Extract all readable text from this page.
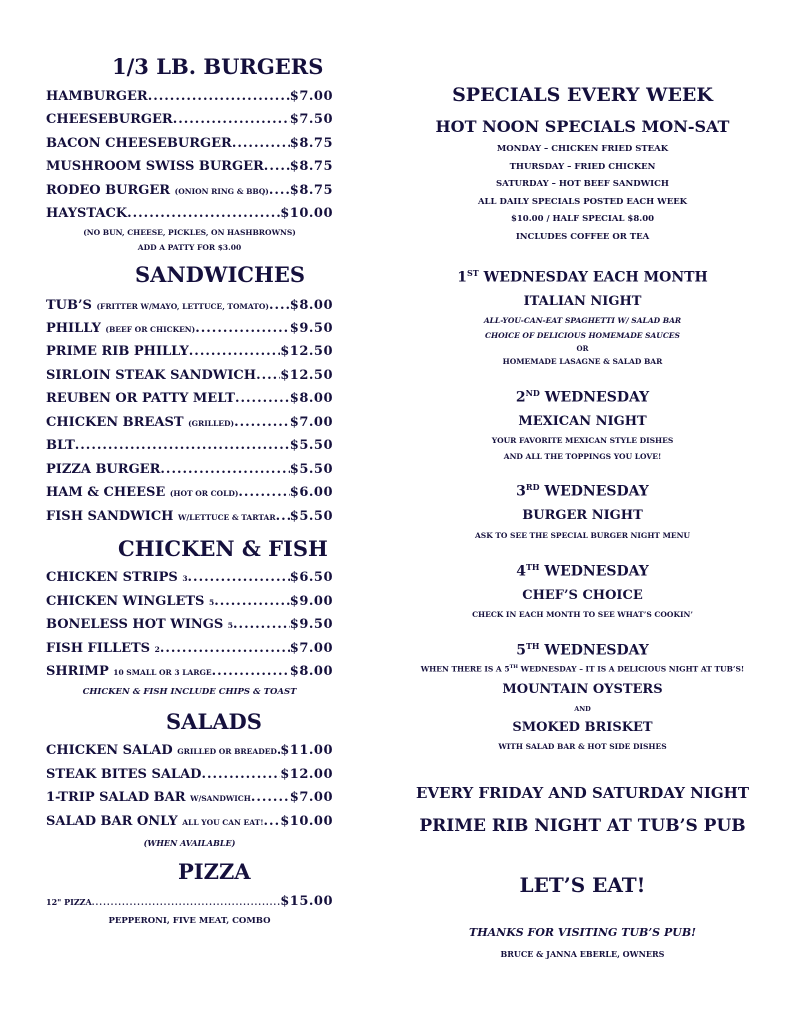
1/3 LB. BURGERS
HAMBURGER .....	$7.00
CHEESEBURGER .....	$7.50
BACON CHEESEBURGER .....	$8.75
MUSHROOM SWISS BURGER ..... $8.75
RODEO BURGER (ONION RING & BBQ) ..... $8.75
HAYSTACK .....	$10.00
(NO BUN, CHEESE, PICKLES, ON HASHBROWNS)
ADD A PATTY FOR $3.00
SANDWICHES
TUB’S (FRITTER W/MAYO, LETTUCE, TOMATO) ..... $8.00
PHILLY (BEEF OR CHICKEN) .....	$9.50
PRIME RIB PHILLY .....	$12.50
SIRLOIN STEAK SANDWICH ..... $12.50
REUBEN OR PATTY MELT .....	$8.00
CHICKEN BREAST (GRILLED) .....	$7.00
BLT .....	$5.50
PIZZA BURGER .....	$5.50
HAM & CHEESE (HOT OR COLD) .....	$6.00
FISH SANDWICH W/LETTUCE & TARTAR ..... $5.50
CHICKEN & FISH
CHICKEN STRIPS 3 .....	$6.50
CHICKEN WINGLETS 5 .....	$9.00
BONELESS HOT WINGS 5 .....	$9.50
FISH FILLETS 2 .....	$7.00
SHRIMP 10 SMALL OR 3 LARGE .....	$8.00
CHICKEN & FISH INCLUDE CHIPS & TOAST
SALADS
CHICKEN SALAD GRILLED OR BREADED ..... $11.00
STEAK BITES SALAD .....	$12.00
1-TRIP SALAD BAR W/SANDWICH .....	$7.00
SALAD BAR ONLY ALL YOU CAN EAT! ..... $10.00
(WHEN AVAILABLE)
PIZZA
12" PIZZA .....	$15.00
PEPPERONI, FIVE MEAT, COMBO
SPECIALS EVERY WEEK
HOT NOON SPECIALS MON-SAT
MONDAY – CHICKEN FRIED STEAK
THURSDAY – FRIED CHICKEN
SATURDAY – HOT BEEF SANDWICH
ALL DAILY SPECIALS POSTED EACH WEEK
$10.00 / HALF SPECIAL $8.00
INCLUDES COFFEE OR TEA
1ST WEDNESDAY EACH MONTH
ITALIAN NIGHT
ALL-YOU-CAN-EAT SPAGHETTI W/ SALAD BAR
CHOICE OF DELICIOUS HOMEMADE SAUCES
OR
HOMEMADE LASAGNE & SALAD BAR
2ND WEDNESDAY
MEXICAN NIGHT
YOUR FAVORITE MEXICAN STYLE DISHES
AND ALL THE TOPPINGS YOU LOVE!
3RD WEDNESDAY
BURGER NIGHT
ASK TO SEE THE SPECIAL BURGER NIGHT MENU
4TH WEDNESDAY
CHEF’S CHOICE
CHECK IN EACH MONTH TO SEE WHAT’S COOKIN’
5TH WEDNESDAY
WHEN THERE IS A 5TH WEDNESDAY – IT IS A DELICIOUS NIGHT AT TUB’S!
MOUNTAIN OYSTERS
AND
SMOKED BRISKET
WITH SALAD BAR & HOT SIDE DISHES
EVERY FRIDAY AND SATURDAY NIGHT
PRIME RIB NIGHT AT TUB’S PUB
LET’S EAT!
THANKS FOR VISITING TUB’S PUB!
BRUCE & JANNA EBERLE, OWNERS
